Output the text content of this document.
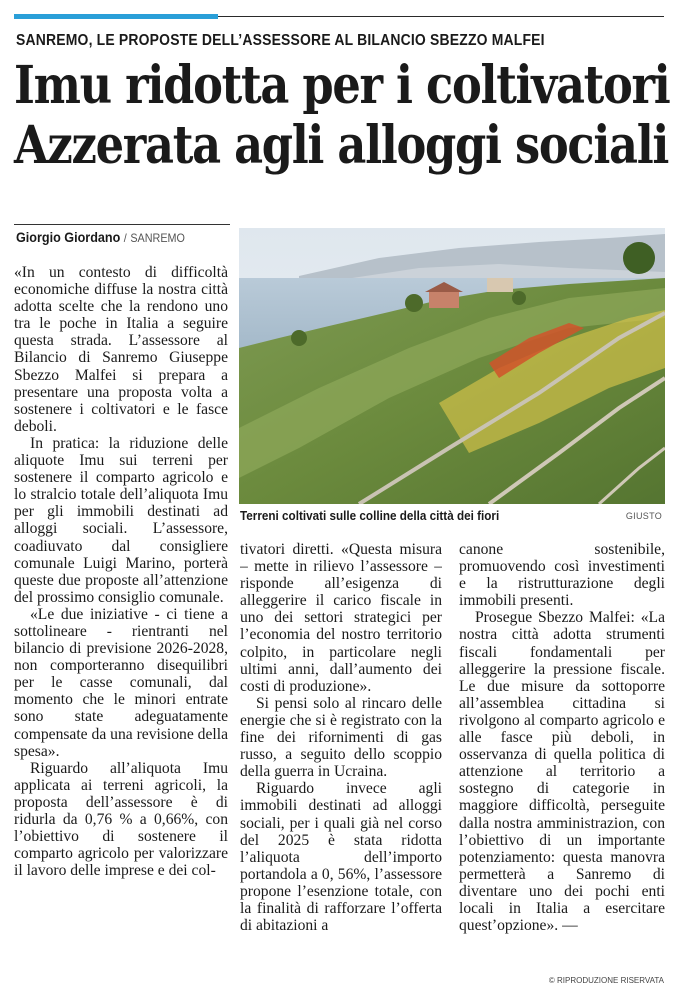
SANREMO, LE PROPOSTE DELL’ASSESSORE AL BILANCIO SBEZZO MALFEI
Imu ridotta per i coltivatori
Azzerata agli alloggi sociali
Giorgio Giordano / SANREMO
Terreni coltivati sulle colline della città dei fiori	GIUSTO

«In un contesto di difficoltà economiche diffuse la nostra città adotta scelte che la rendono uno tra le poche in Italia a seguire questa strada. L’assessore al Bilancio di Sanremo Giuseppe Sbezzo Malfei si prepara a presentare una proposta volta a sostenere i coltivatori e le fasce deboli.

In pratica: la riduzione delle aliquote Imu sui terreni per sostenere il comparto agricolo e lo stralcio totale dell’aliquota Imu per gli immobili destinati ad alloggi sociali. L’assessore, coadiuvato dal consigliere comunale Luigi Marino, porterà queste due proposte all’attenzione del prossimo consiglio comunale.

«Le due iniziative - ci tiene a sottolineare - rientranti nel bilancio di previsione 2026-2028, non comporteranno disequilibri per le casse comunali, dal momento che le minori entrate sono state adeguatamente compensate da una revisione della spesa».

Riguardo all’aliquota Imu applicata ai terreni agricoli, la proposta dell’assessore è di ridurla da 0,76 % a 0,66%, con l’obiettivo di sostenere il comparto agricolo per valorizzare il lavoro delle imprese e dei col-

tivatori diretti. «Questa misura – mette in rilievo l’assessore – risponde all’esigenza di alleggerire il carico fiscale in uno dei settori strategici per l’economia del nostro territorio colpito, in particolare negli ultimi anni, dall’aumento dei costi di produzione».

Si pensi solo al rincaro delle energie che si è registrato con la fine dei rifornimenti di gas russo, a seguito dello scoppio della guerra in Ucraina.

Riguardo invece agli immobili destinati ad alloggi sociali, per i quali già nel corso del 2025 è stata ridotta l’aliquota dell’importo portandola a 0, 56%, l’assessore propone l’esenzione totale, con la finalità di rafforzare l’offerta di abitazioni a

canone sostenibile, promuovendo così investimenti e la ristrutturazione degli immobili presenti.

Prosegue Sbezzo Malfei: «La nostra città adotta strumenti fiscali fondamentali per alleggerire la pressione fiscale. Le due misure da sottoporre all’assemblea cittadina si rivolgono al comparto agricolo e alle fasce più deboli, in osservanza di quella politica di attenzione al territorio a sostegno di categorie in maggiore difficoltà, perseguite dalla nostra amministrazion, con l’obiettivo di un importante potenziamento: questa manovra permetterà a Sanremo di diventare uno dei pochi enti locali in Italia a esercitare quest’opzione». —

© RIPRODUZIONE RISERVATA
